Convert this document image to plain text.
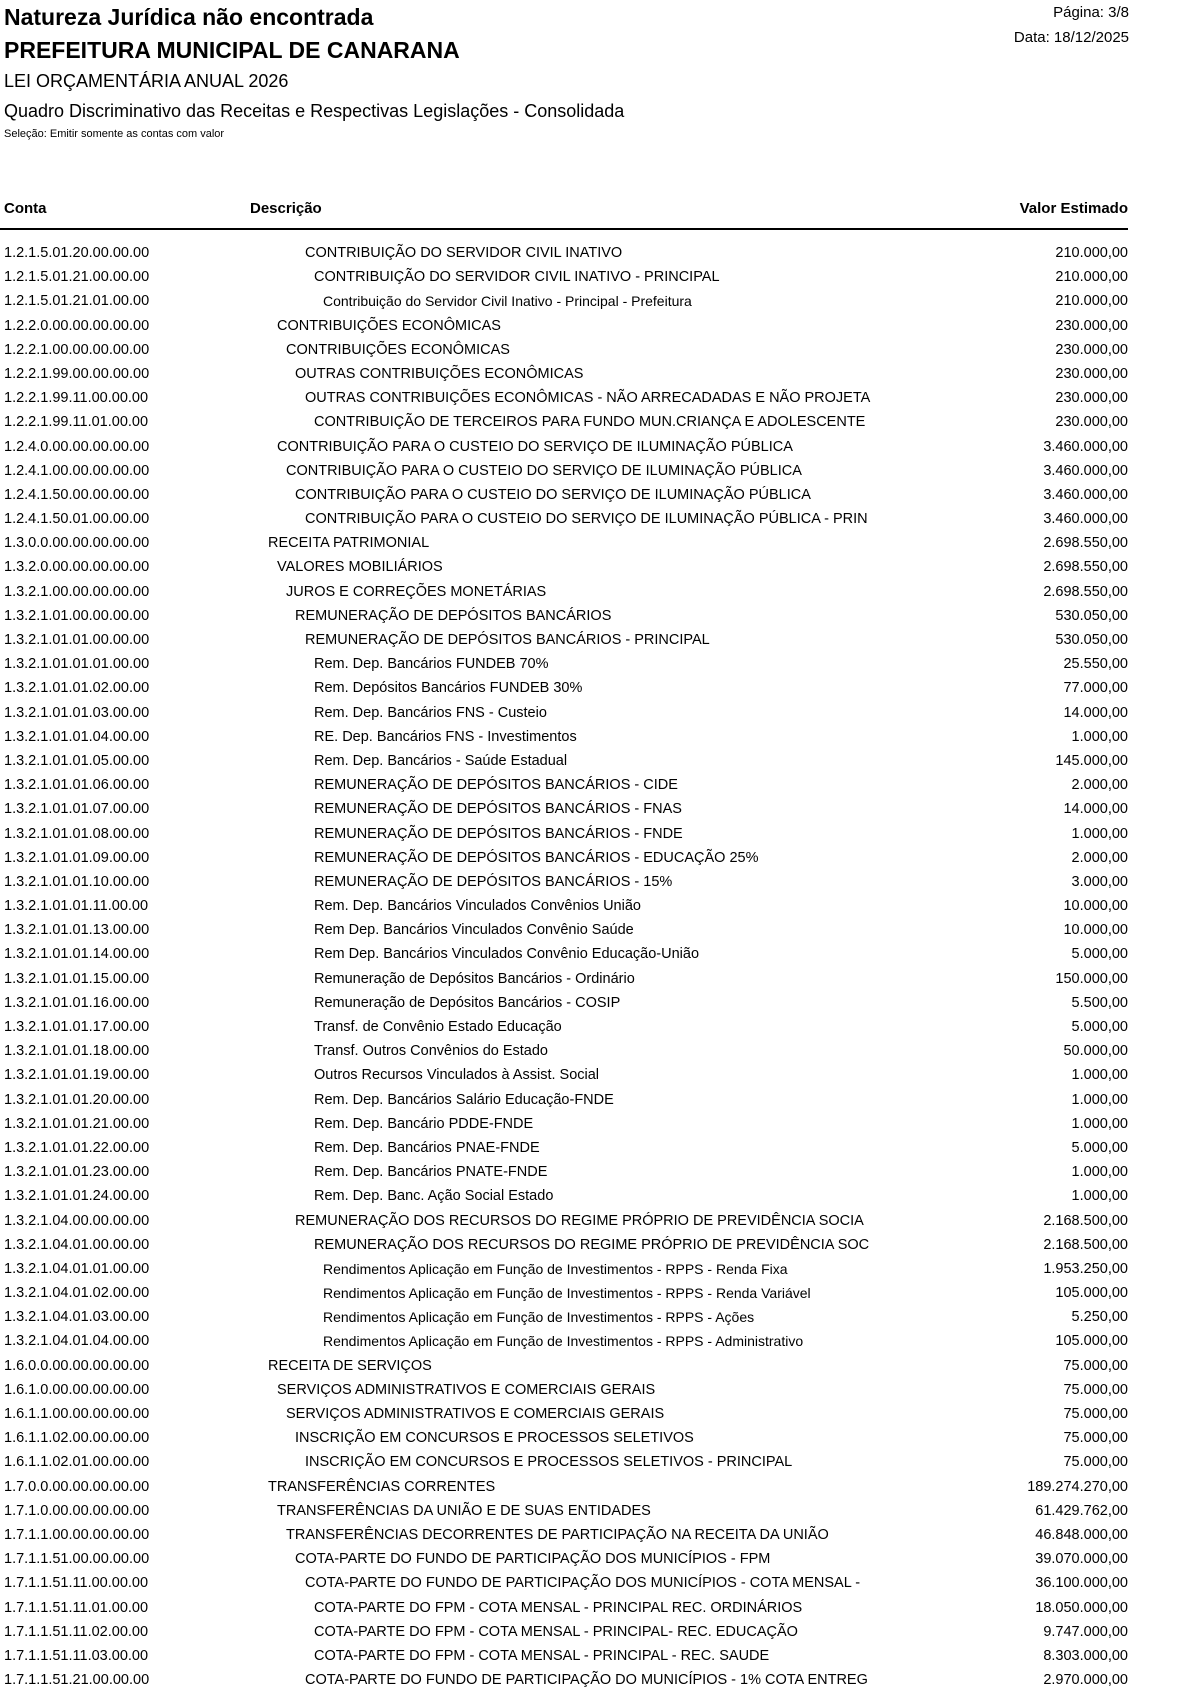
Natureza Jurídica não encontrada
PREFEITURA MUNICIPAL DE CANARANA
LEI ORÇAMENTÁRIA ANUAL 2026
Quadro Discriminativo das Receitas e Respectivas Legislações - Consolidada
Seleção: Emitir somente as contas com valor
Página: 3/8
Data: 18/12/2025
Conta	Descrição	Valor Estimado
1.2.1.5.01.20.00.00.00	CONTRIBUIÇÃO DO SERVIDOR CIVIL INATIVO	210.000,00
1.2.1.5.01.21.00.00.00	CONTRIBUIÇÃO DO SERVIDOR CIVIL INATIVO - PRINCIPAL	210.000,00
1.2.1.5.01.21.01.00.00	Contribuição do Servidor Civil Inativo - Principal - Prefeitura	210.000,00
1.2.2.0.00.00.00.00.00	CONTRIBUIÇÕES ECONÔMICAS	230.000,00
1.2.2.1.00.00.00.00.00	CONTRIBUIÇÕES ECONÔMICAS	230.000,00
1.2.2.1.99.00.00.00.00	OUTRAS CONTRIBUIÇÕES ECONÔMICAS	230.000,00
1.2.2.1.99.11.00.00.00	OUTRAS CONTRIBUIÇÕES ECONÔMICAS - NÃO ARRECADADAS E NÃO PROJETA	230.000,00
1.2.2.1.99.11.01.00.00	CONTRIBUIÇÃO DE TERCEIROS PARA FUNDO MUN.CRIANÇA E ADOLESCENTE	230.000,00
1.2.4.0.00.00.00.00.00	CONTRIBUIÇÃO PARA O CUSTEIO DO SERVIÇO DE ILUMINAÇÃO PÚBLICA	3.460.000,00
1.2.4.1.00.00.00.00.00	CONTRIBUIÇÃO PARA O CUSTEIO DO SERVIÇO DE ILUMINAÇÃO PÚBLICA	3.460.000,00
1.2.4.1.50.00.00.00.00	CONTRIBUIÇÃO PARA O CUSTEIO DO SERVIÇO DE ILUMINAÇÃO PÚBLICA	3.460.000,00
1.2.4.1.50.01.00.00.00	CONTRIBUIÇÃO PARA O CUSTEIO DO SERVIÇO DE ILUMINAÇÃO PÚBLICA - PRIN	3.460.000,00
1.3.0.0.00.00.00.00.00	RECEITA PATRIMONIAL	2.698.550,00
1.3.2.0.00.00.00.00.00	VALORES MOBILIÁRIOS	2.698.550,00
1.3.2.1.00.00.00.00.00	JUROS E CORREÇÕES MONETÁRIAS	2.698.550,00
1.3.2.1.01.00.00.00.00	REMUNERAÇÃO DE DEPÓSITOS BANCÁRIOS	530.050,00
1.3.2.1.01.01.00.00.00	REMUNERAÇÃO DE DEPÓSITOS BANCÁRIOS - PRINCIPAL	530.050,00
1.3.2.1.01.01.01.00.00	Rem. Dep. Bancários FUNDEB 70%	25.550,00
1.3.2.1.01.01.02.00.00	Rem. Depósitos Bancários FUNDEB 30%	77.000,00
1.3.2.1.01.01.03.00.00	Rem. Dep. Bancários FNS - Custeio	14.000,00
1.3.2.1.01.01.04.00.00	RE. Dep. Bancários FNS - Investimentos	1.000,00
1.3.2.1.01.01.05.00.00	Rem. Dep. Bancários - Saúde Estadual	145.000,00
1.3.2.1.01.01.06.00.00	REMUNERAÇÃO DE DEPÓSITOS BANCÁRIOS - CIDE	2.000,00
1.3.2.1.01.01.07.00.00	REMUNERAÇÃO DE DEPÓSITOS BANCÁRIOS - FNAS	14.000,00
1.3.2.1.01.01.08.00.00	REMUNERAÇÃO DE DEPÓSITOS BANCÁRIOS - FNDE	1.000,00
1.3.2.1.01.01.09.00.00	REMUNERAÇÃO DE DEPÓSITOS BANCÁRIOS - EDUCAÇÃO 25%	2.000,00
1.3.2.1.01.01.10.00.00	REMUNERAÇÃO DE DEPÓSITOS BANCÁRIOS - 15%	3.000,00
1.3.2.1.01.01.11.00.00	Rem. Dep. Bancários Vinculados Convênios União	10.000,00
1.3.2.1.01.01.13.00.00	Rem Dep. Bancários Vinculados Convênio Saúde	10.000,00
1.3.2.1.01.01.14.00.00	Rem Dep. Bancários Vinculados Convênio Educação-União	5.000,00
1.3.2.1.01.01.15.00.00	Remuneração de Depósitos Bancários - Ordinário	150.000,00
1.3.2.1.01.01.16.00.00	Remuneração de Depósitos Bancários - COSIP	5.500,00
1.3.2.1.01.01.17.00.00	Transf. de Convênio Estado Educação	5.000,00
1.3.2.1.01.01.18.00.00	Transf. Outros Convênios do Estado	50.000,00
1.3.2.1.01.01.19.00.00	Outros Recursos Vinculados à Assist. Social	1.000,00
1.3.2.1.01.01.20.00.00	Rem. Dep. Bancários Salário Educação-FNDE	1.000,00
1.3.2.1.01.01.21.00.00	Rem. Dep. Bancário PDDE-FNDE	1.000,00
1.3.2.1.01.01.22.00.00	Rem. Dep. Bancários PNAE-FNDE	5.000,00
1.3.2.1.01.01.23.00.00	Rem. Dep. Bancários PNATE-FNDE	1.000,00
1.3.2.1.01.01.24.00.00	Rem. Dep. Banc. Ação Social Estado	1.000,00
1.3.2.1.04.00.00.00.00	REMUNERAÇÃO DOS RECURSOS DO REGIME PRÓPRIO DE PREVIDÊNCIA SOCIA	2.168.500,00
1.3.2.1.04.01.00.00.00	REMUNERAÇÃO DOS RECURSOS DO REGIME PRÓPRIO DE PREVIDÊNCIA SOC	2.168.500,00
1.3.2.1.04.01.01.00.00	Rendimentos Aplicação em Função de Investimentos - RPPS - Renda Fixa	1.953.250,00
1.3.2.1.04.01.02.00.00	Rendimentos Aplicação em Função de Investimentos - RPPS - Renda Variável	105.000,00
1.3.2.1.04.01.03.00.00	Rendimentos Aplicação em Função de Investimentos - RPPS - Ações	5.250,00
1.3.2.1.04.01.04.00.00	Rendimentos Aplicação em Função de Investimentos - RPPS - Administrativo	105.000,00
1.6.0.0.00.00.00.00.00	RECEITA DE SERVIÇOS	75.000,00
1.6.1.0.00.00.00.00.00	SERVIÇOS ADMINISTRATIVOS E COMERCIAIS GERAIS	75.000,00
1.6.1.1.00.00.00.00.00	SERVIÇOS ADMINISTRATIVOS E COMERCIAIS GERAIS	75.000,00
1.6.1.1.02.00.00.00.00	INSCRIÇÃO EM CONCURSOS E PROCESSOS SELETIVOS	75.000,00
1.6.1.1.02.01.00.00.00	INSCRIÇÃO EM CONCURSOS E PROCESSOS SELETIVOS - PRINCIPAL	75.000,00
1.7.0.0.00.00.00.00.00	TRANSFERÊNCIAS CORRENTES	189.274.270,00
1.7.1.0.00.00.00.00.00	TRANSFERÊNCIAS DA UNIÃO E DE SUAS ENTIDADES	61.429.762,00
1.7.1.1.00.00.00.00.00	TRANSFERÊNCIAS DECORRENTES DE PARTICIPAÇÃO NA RECEITA DA UNIÃO	46.848.000,00
1.7.1.1.51.00.00.00.00	COTA-PARTE DO FUNDO DE PARTICIPAÇÃO DOS MUNICÍPIOS - FPM	39.070.000,00
1.7.1.1.51.11.00.00.00	COTA-PARTE DO FUNDO DE PARTICIPAÇÃO DOS MUNICÍPIOS - COTA MENSAL -	36.100.000,00
1.7.1.1.51.11.01.00.00	COTA-PARTE DO FPM - COTA MENSAL - PRINCIPAL REC. ORDINÁRIOS	18.050.000,00
1.7.1.1.51.11.02.00.00	COTA-PARTE DO FPM - COTA MENSAL - PRINCIPAL- REC. EDUCAÇÃO	9.747.000,00
1.7.1.1.51.11.03.00.00	COTA-PARTE DO FPM - COTA MENSAL - PRINCIPAL - REC. SAUDE	8.303.000,00
1.7.1.1.51.21.00.00.00	COTA-PARTE DO FUNDO DE PARTICIPAÇÃO DO MUNICÍPIOS - 1% COTA ENTREG	2.970.000,00
